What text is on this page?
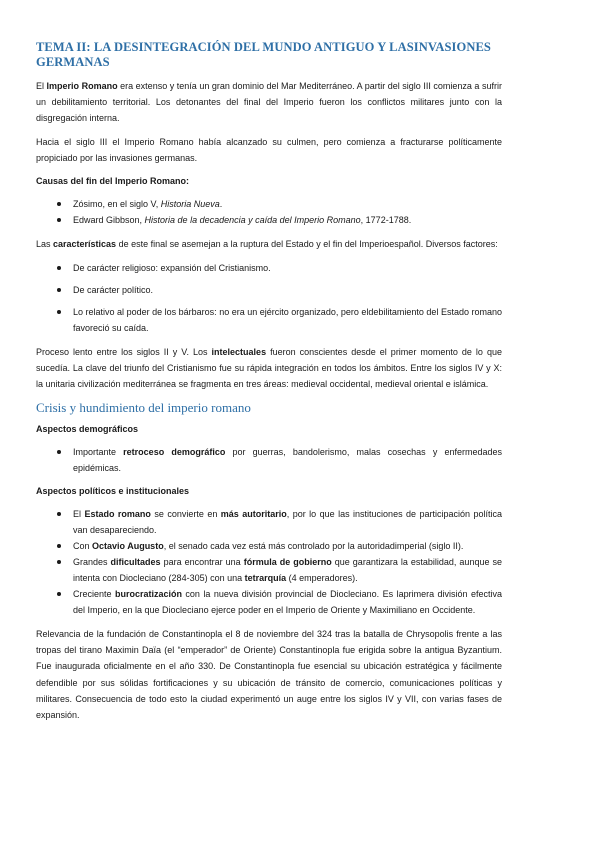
TEMA II: LA DESINTEGRACIÓN DEL MUNDO ANTIGUO Y LASINVASIONES GERMANAS

El Imperio Romano era extenso y tenía un gran dominio del Mar Mediterráneo. A partir del siglo III comienza a sufrir un debilitamiento territorial. Los detonantes del final del Imperio fueron los conflictos militares junto con la disgregación interna.

Hacia el siglo III el Imperio Romano había alcanzado su culmen, pero comienza a fracturarse políticamente propiciado por las invasiones germanas.

Causas del fin del Imperio Romano:
Zósimo, en el siglo V, Historia Nueva.
Edward Gibbson, Historia de la decadencia y caída del Imperio Romano, 1772-1788.

Las características de este final se asemejan a la ruptura del Estado y el fin del Imperioespañol. Diversos factores:

De carácter religioso: expansión del Cristianismo.
De carácter político.
Lo relativo al poder de los bárbaros: no era un ejército organizado, pero eldebilitamiento del Estado romano favoreció su caída.

Proceso lento entre los siglos II y V. Los intelectuales fueron conscientes desde el primer momento de lo que sucedía. La clave del triunfo del Cristianismo fue su rápida integración en todos los ámbitos. Entre los siglos IV y X: la unitaria civilización mediterránea se fragmenta en tres áreas: medieval occidental, medieval oriental e islámica.

Crisis y hundimiento del imperio romano
Aspectos demográficos
Importante retroceso demográfico por guerras, bandolerismo, malas cosechas y enfermedades epidémicas.
Aspectos políticos e institucionales
El Estado romano se convierte en más autoritario, por lo que las instituciones de participación política van desapareciendo.
Con Octavio Augusto, el senado cada vez está más controlado por la autoridadimperial (siglo II).
Grandes dificultades para encontrar una fórmula de gobierno que garantizara la estabilidad, aunque se intenta con Diocleciano (284-305) con una tetrarquía (4 emperadores).
Creciente burocratización con la nueva división provincial de Diocleciano. Es laprimera división efectiva del Imperio, en la que Diocleciano ejerce poder en el Imperio de Oriente y Maximiliano en Occidente.

Relevancia de la fundación de Constantinopla el 8 de noviembre del 324 tras la batalla de Chrysopolis frente a las tropas del tirano Maximin Daïa (el “emperador” de Oriente) Constantinopla fue erigida sobre la antigua Byzantium. Fue inaugurada oficialmente en el año 330. De Constantinopla fue esencial su ubicación estratégica y fácilmente defendible por sus sólidas fortificaciones y su ubicación de tránsito de comercio, comunicaciones políticas y militares. Consecuencia de todo esto la ciudad experimentó un auge entre los siglos IV y VII, con varias fases de expansión.
